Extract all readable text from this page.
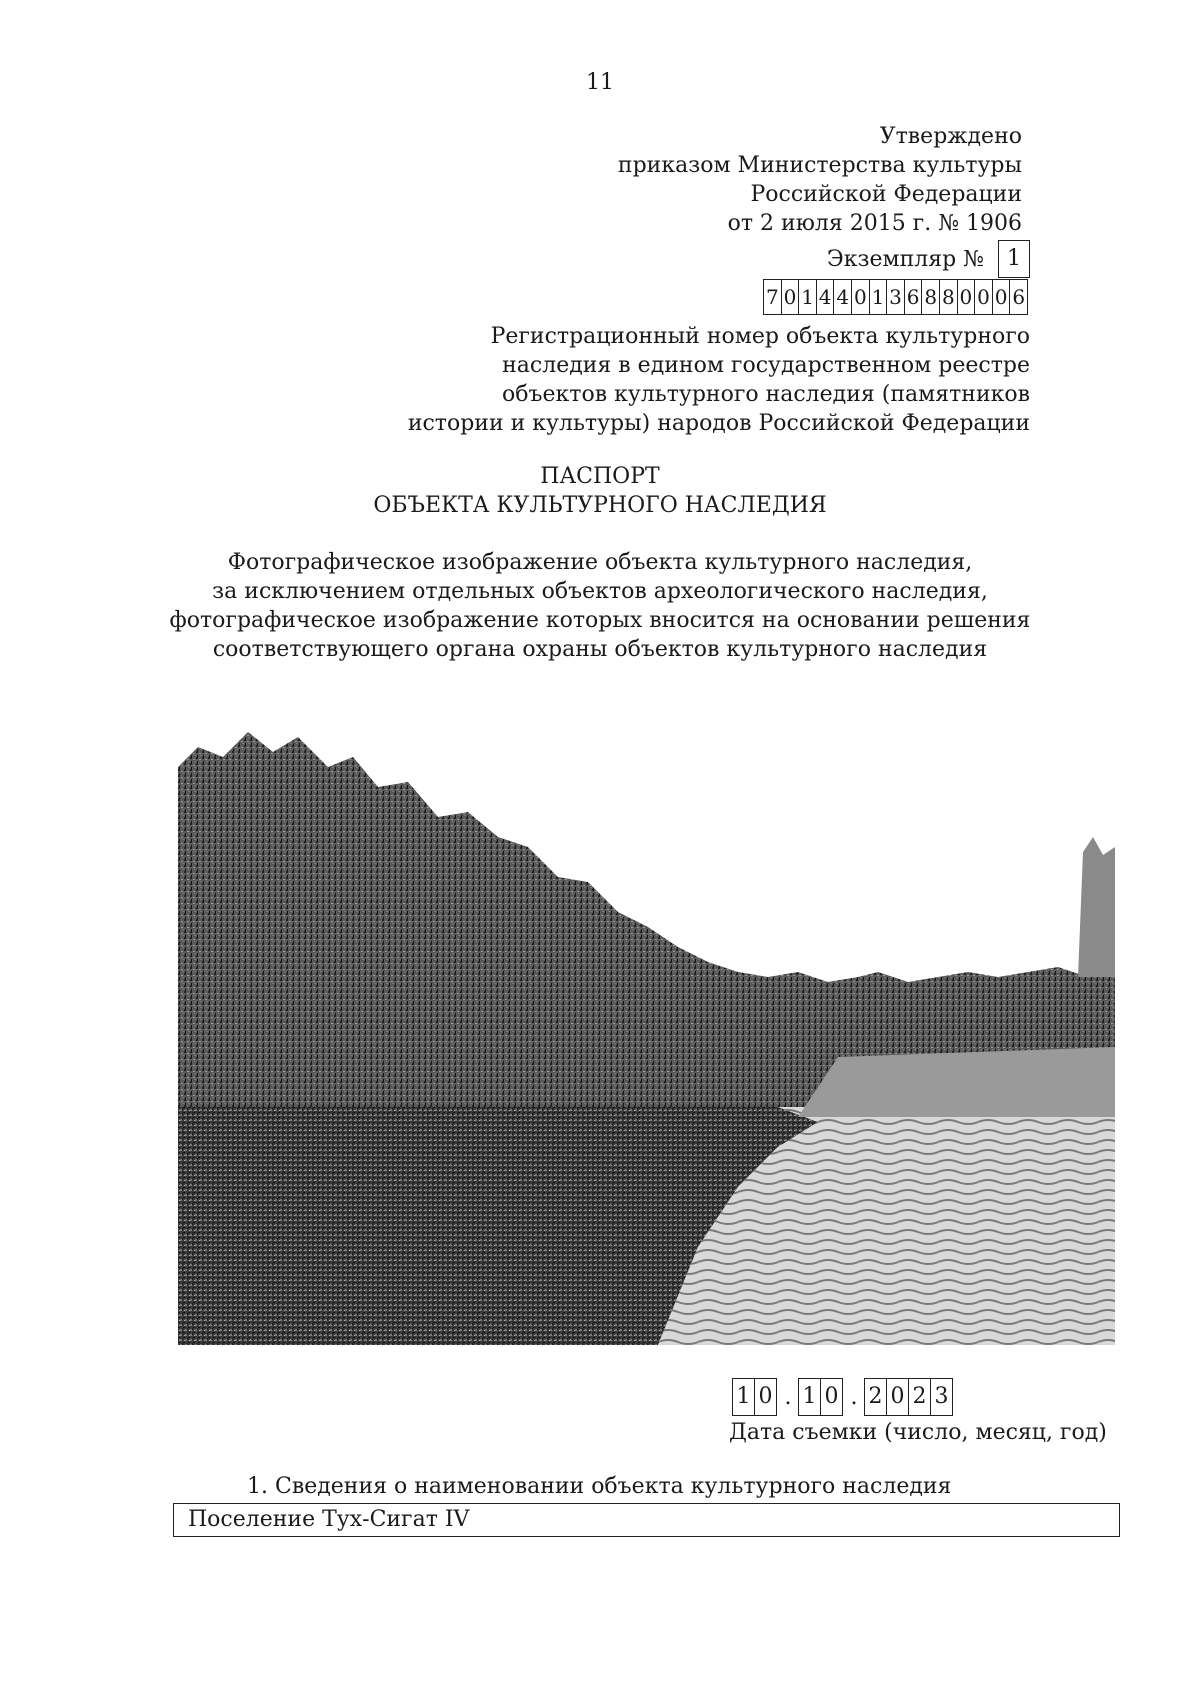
11
Утверждено
приказом Министерства культуры
Российской Федерации
от 2 июля 2015 г. № 1906
Экземпляр №	1
7 0 1 4 4 0 1 3 6 8 8 0 0 0 6
Регистрационный номер объекта культурного
наследия в едином государственном реестре
объектов культурного наследия (памятников
истории и культуры) народов Российской Федерации
ПАСПОРТ
ОБЪЕКТА КУЛЬТУРНОГО НАСЛЕДИЯ
Фотографическое изображение объекта культурного наследия,
за исключением отдельных объектов археологического наследия,
фотографическое изображение которых вносится на основании решения
соответствующего органа охраны объектов культурного наследия
1 0 . 1 0 . 2 0 2 3
Дата съемки (число, месяц, год)
1. Сведения о наименовании объекта культурного наследия
Поселение Тух-Сигат IV
